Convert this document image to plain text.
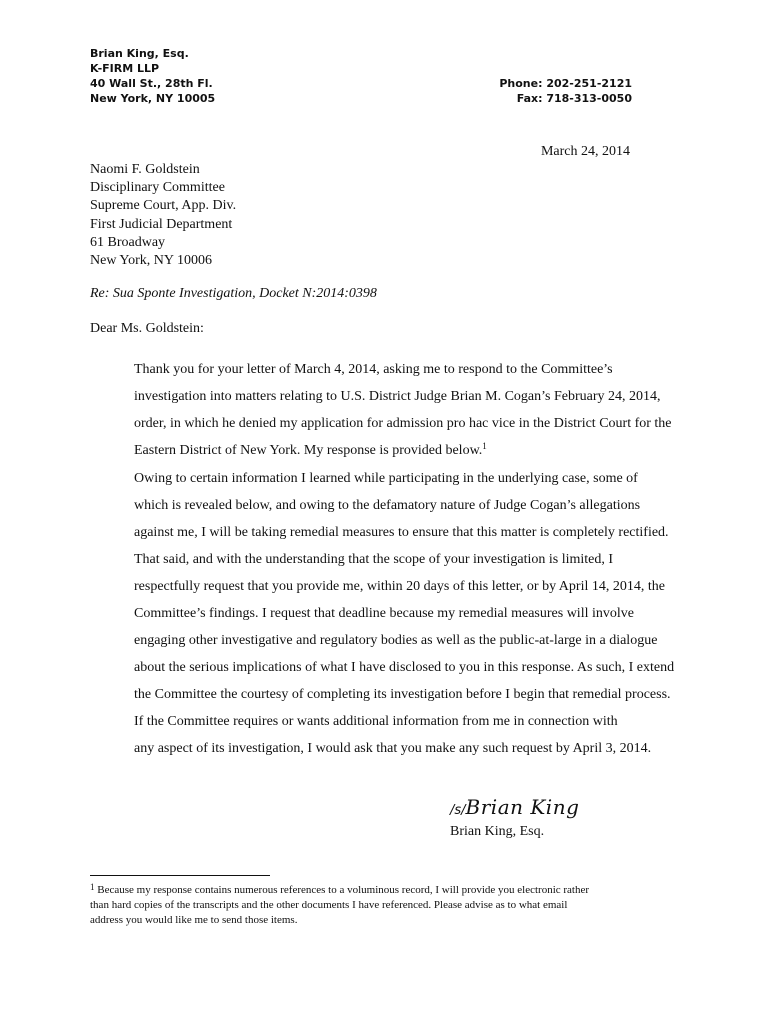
Brian King, Esq.
K-FIRM LLP
40 Wall St., 28th Fl.
New York, NY 10005
Phone: 202-251-2121
Fax: 718-313-0050
March 24, 2014
Naomi F. Goldstein
Disciplinary Committee
Supreme Court, App. Div.
First Judicial Department
61 Broadway
New York, NY 10006
Re: Sua Sponte Investigation, Docket N:2014:0398
Dear Ms. Goldstein:

Thank you for your letter of March 4, 2014, asking me to respond to the Committee’s
investigation into matters relating to U.S. District Judge Brian M. Cogan’s February 24, 2014,
order, in which he denied my application for admission pro hac vice in the District Court for the
Eastern District of New York. My response is provided below.$^1$

Owing to certain information I learned while participating in the underlying case, some of
which is revealed below, and owing to the defamatory nature of Judge Cogan’s allegations
against me, I will be taking remedial measures to ensure that this matter is completely rectified.

That said, and with the understanding that the scope of your investigation is limited, I
respectfully request that you provide me, within 20 days of this letter, or by April 14, 2014, the
Committee’s findings. I request that deadline because my remedial measures will involve
engaging other investigative and regulatory bodies as well as the public-at-large in a dialogue
about the serious implications of what I have disclosed to you in this response. As such, I extend
the Committee the courtesy of completing its investigation before I begin that remedial process.

If the Committee requires or wants additional information from me in connection with
any aspect of its investigation, I would ask that you make any such request by April 3, 2014.

/s/Brian King
Brian King, Esq.
$^1$ Because my response contains numerous references to a voluminous record, I will provide you electronic rather
than hard copies of the transcripts and the other documents I have referenced. Please advise as to what email
address you would like me to send those items.
